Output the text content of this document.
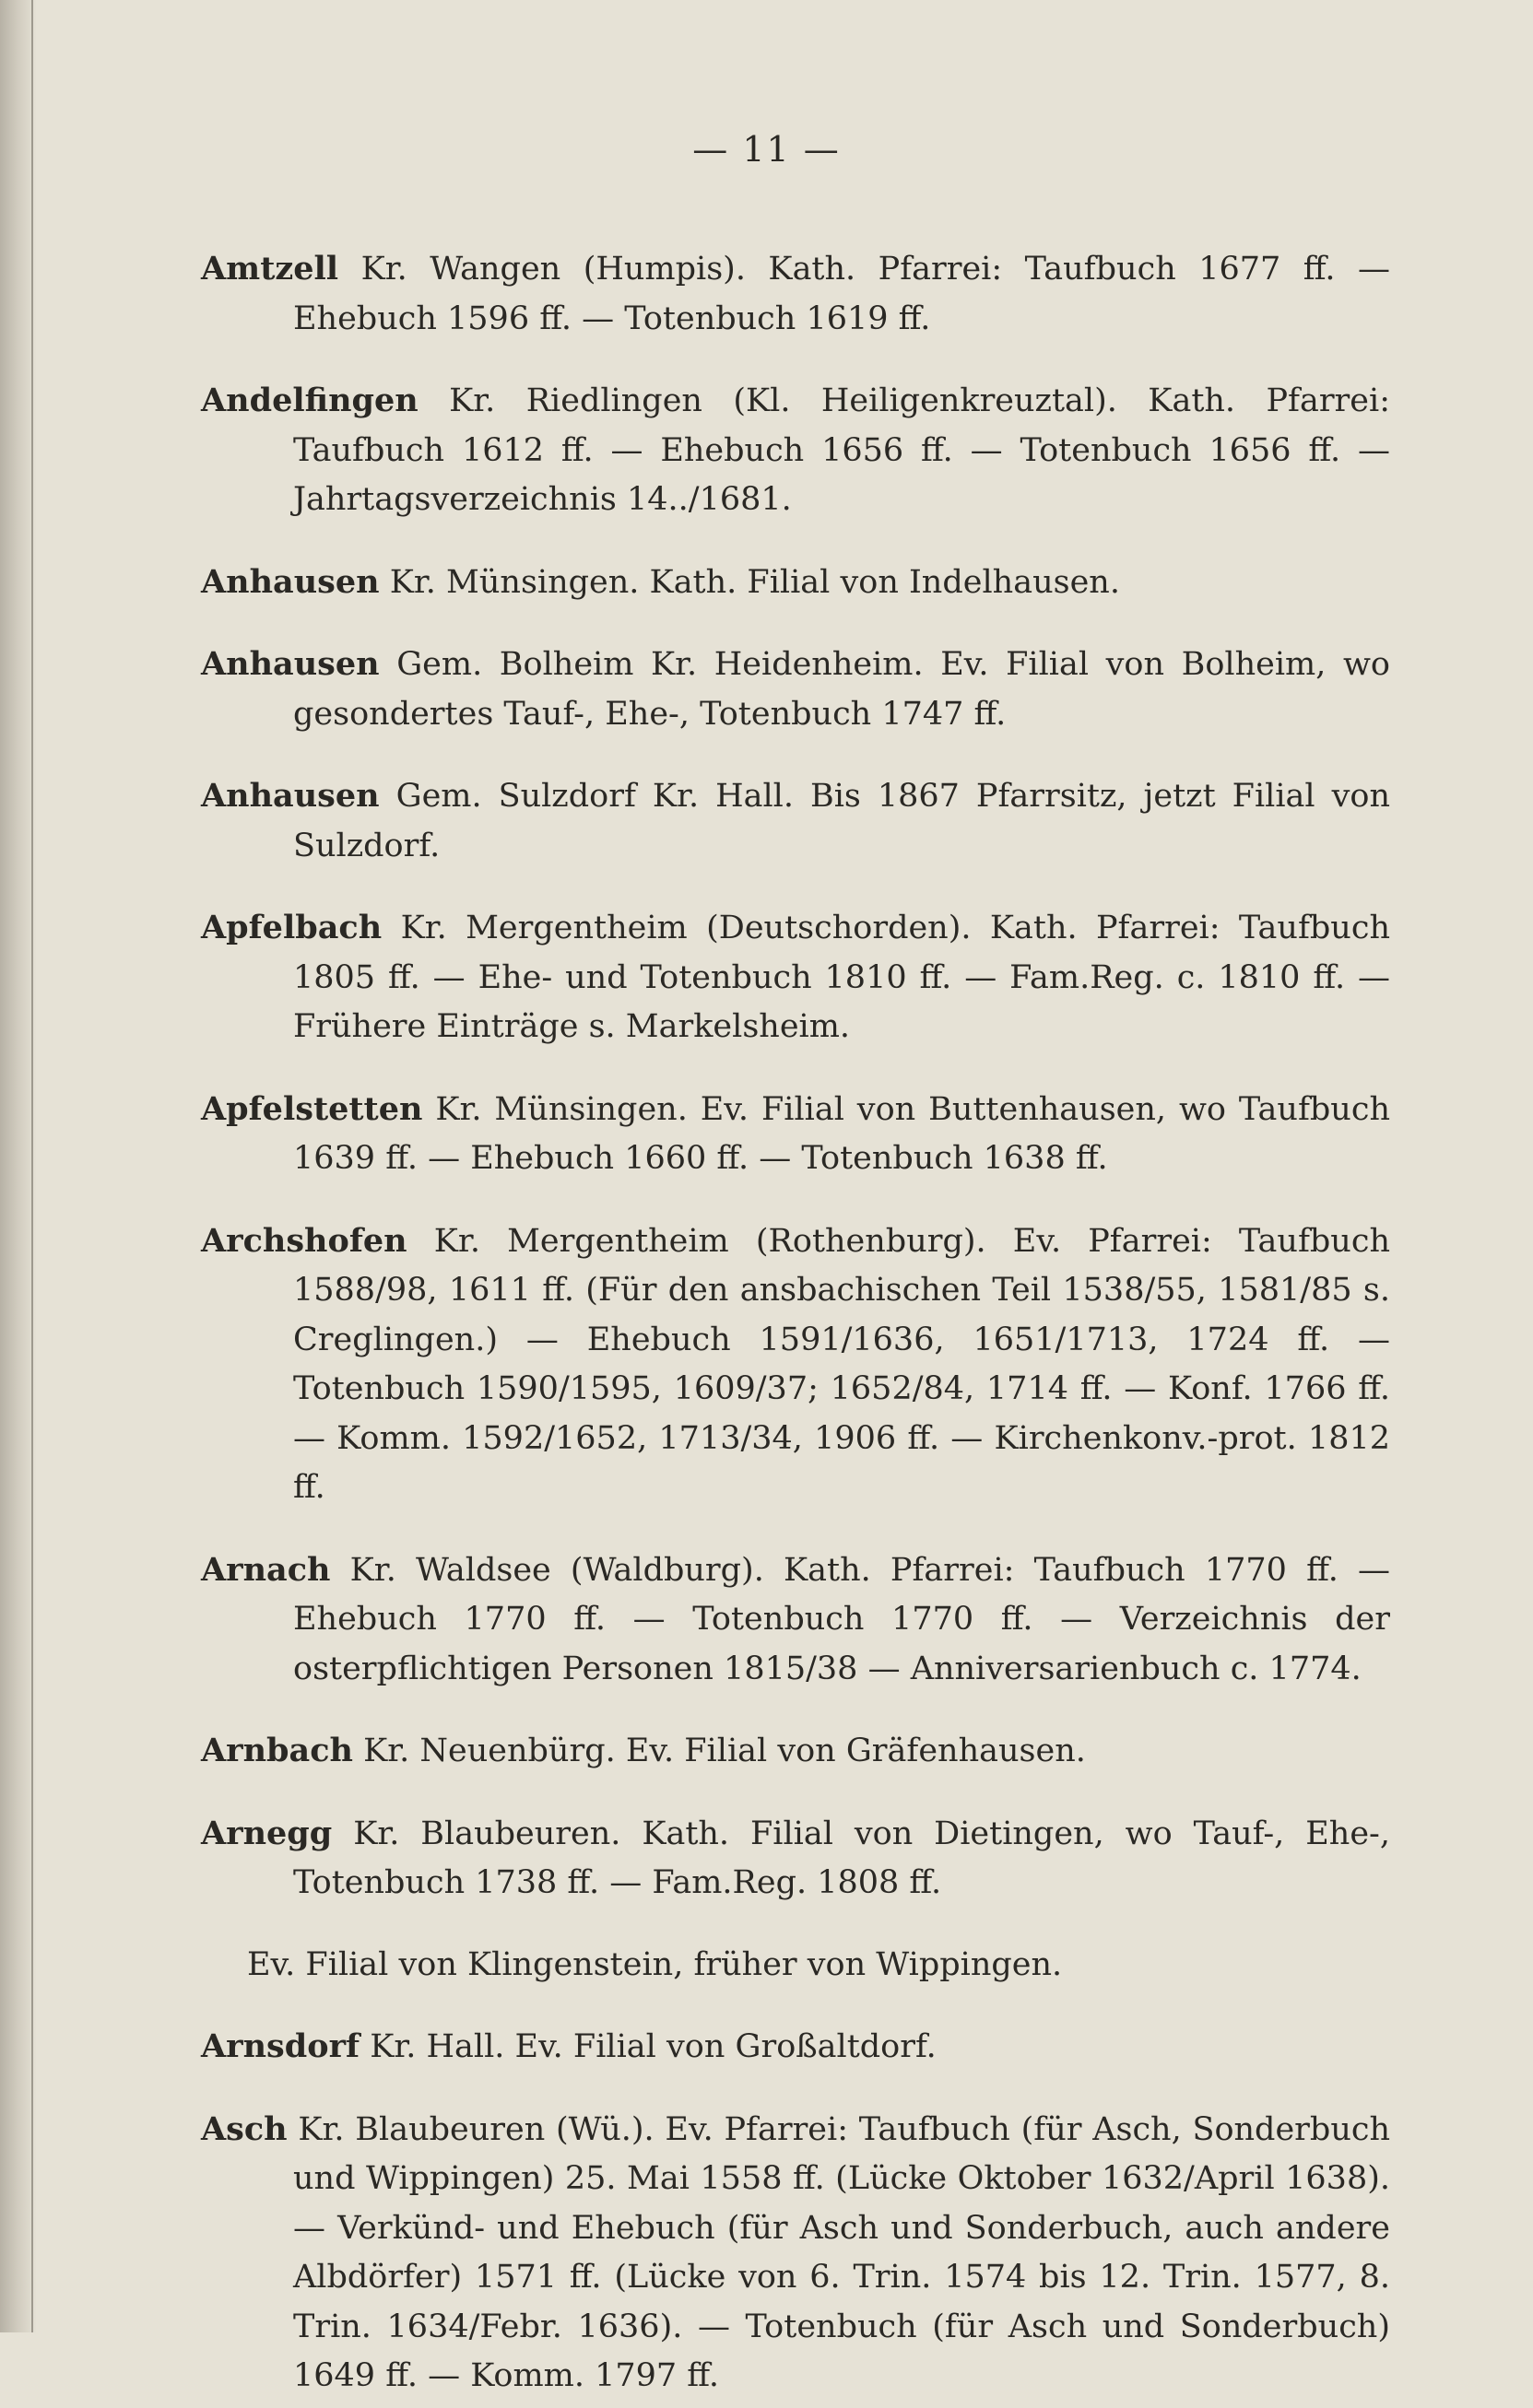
— 11 —

Amtzell Kr. Wangen (Humpis). Kath. Pfarrei: Taufbuch 1677 ff. — Ehebuch 1596 ff. — Totenbuch 1619 ff.

Andelfingen Kr. Riedlingen (Kl. Heiligenkreuztal). Kath. Pfarrei: Taufbuch 1612 ff. — Ehebuch 1656 ff. — Totenbuch 1656 ff. — Jahrtagsverzeichnis 14../1681.

Anhausen Kr. Münsingen. Kath. Filial von Indelhausen.

Anhausen Gem. Bolheim Kr. Heidenheim. Ev. Filial von Bolheim, wo gesondertes Tauf-, Ehe-, Totenbuch 1747 ff.

Anhausen Gem. Sulzdorf Kr. Hall. Bis 1867 Pfarrsitz, jetzt Filial von Sulzdorf.

Apfelbach Kr. Mergentheim (Deutschorden). Kath. Pfarrei: Taufbuch 1805 ff. — Ehe- und Totenbuch 1810 ff. — Fam.Reg. c. 1810 ff. — Frühere Einträge s. Markelsheim.

Apfelstetten Kr. Münsingen. Ev. Filial von Buttenhausen, wo Taufbuch 1639 ff. — Ehebuch 1660 ff. — Totenbuch 1638 ff.

Archshofen Kr. Mergentheim (Rothenburg). Ev. Pfarrei: Taufbuch 1588/98, 1611 ff. (Für den ansbachischen Teil 1538/55, 1581/85 s. Creglingen.) — Ehebuch 1591/1636, 1651/1713, 1724 ff. — Totenbuch 1590/1595, 1609/37; 1652/84, 1714 ff. — Konf. 1766 ff. — Komm. 1592/1652, 1713/34, 1906 ff. — Kirchenkonv.-prot. 1812 ff.

Arnach Kr. Waldsee (Waldburg). Kath. Pfarrei: Taufbuch 1770 ff. — Ehebuch 1770 ff. — Totenbuch 1770 ff. — Verzeichnis der osterpflichtigen Personen 1815/38 — Anniversarienbuch c. 1774.

Arnbach Kr. Neuenbürg. Ev. Filial von Gräfenhausen.

Arnegg Kr. Blaubeuren. Kath. Filial von Dietingen, wo Tauf-, Ehe-, Totenbuch 1738 ff. — Fam.Reg. 1808 ff.

Ev. Filial von Klingenstein, früher von Wippingen.

Arnsdorf Kr. Hall. Ev. Filial von Großaltdorf.

Asch Kr. Blaubeuren (Wü.). Ev. Pfarrei: Taufbuch (für Asch, Sonderbuch und Wippingen) 25. Mai 1558 ff. (Lücke Oktober 1632/April 1638). — Verkünd- und Ehebuch (für Asch und Sonderbuch, auch andere Albdörfer) 1571 ff. (Lücke von 6. Trin. 1574 bis 12. Trin. 1577, 8. Trin. 1634/Febr. 1636). — Totenbuch (für Asch und Sonderbuch) 1649 ff. — Komm. 1797 ff.
